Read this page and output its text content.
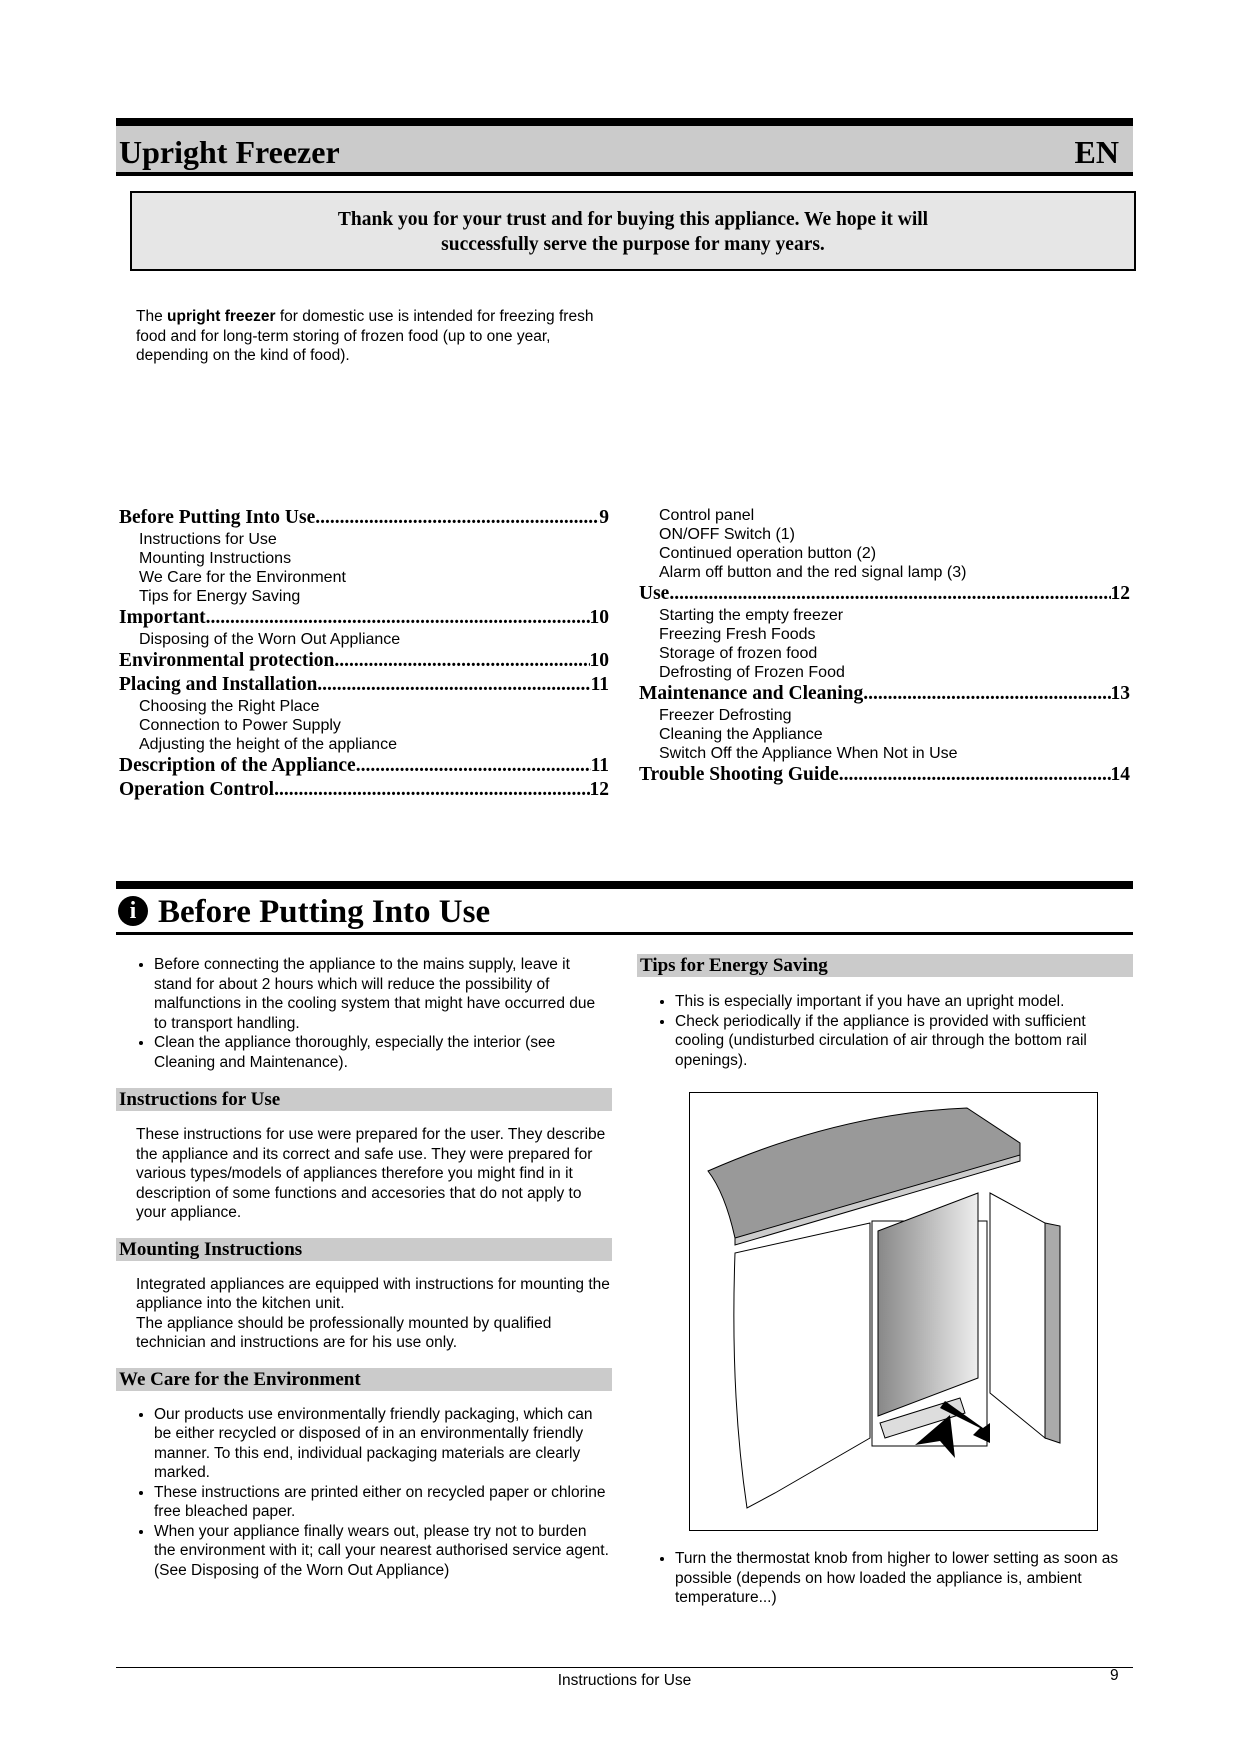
Upright Freezer	EN
Thank you for your trust and for buying this appliance. We hope it will
successfully serve the purpose for many years.
The upright freezer for domestic use is intended for freezing fresh food and for long-term storing of frozen food (up to one year, depending on the kind of food).
Before Putting Into Use .....	9
Instructions for Use
Mounting Instructions
We Care for the Environment
Tips for Energy Saving
Important .....	10
Disposing of the Worn Out Appliance
Environmental protection .....	10
Placing and Installation .....	11
Choosing the Right Place
Connection to Power Supply
Adjusting the height of the appliance
Description of the Appliance .....	11
Operation Control .....	12
Control panel
ON/OFF Switch (1)
Continued operation button (2)
Alarm off button and the red signal lamp (3)
Use .....	12
Starting the empty freezer
Freezing Fresh Foods
Storage of frozen food
Defrosting of Frozen Food
Maintenance and Cleaning .....	13
Freezer Defrosting
Cleaning the Appliance
Switch Off the Appliance When Not in Use
Trouble Shooting Guide .....	14
i Before Putting Into Use
• Before connecting the appliance to the mains supply, leave it stand for about 2 hours which will reduce the possibility of malfunctions in the cooling system that might have occurred due to transport handling.
• Clean the appliance thoroughly, especially the interior (see Cleaning and Maintenance).
Instructions for Use
These instructions for use were prepared for the user. They describe the appliance and its correct and safe use. They were prepared for various types/models of appliances therefore you might find in it description of some functions and accesories that do not apply to your appliance.
Mounting Instructions
Integrated appliances are equipped with instructions for mounting the appliance into the kitchen unit.
The appliance should be professionally mounted by qualified technician and instructions are for his use only.
We Care for the Environment
• Our products use environmentally friendly packaging, which can be either recycled or disposed of in an environmentally friendly manner. To this end, individual packaging materials are clearly marked.
• These instructions are printed either on recycled paper or chlorine free bleached paper.
• When your appliance finally wears out, please try not to burden the environment with it; call your nearest authorised service agent. (See Disposing of the Worn Out Appliance)
Tips for Energy Saving
• This is especially important if you have an upright model.
• Check periodically if the appliance is provided with sufficient cooling (undisturbed circulation of air through the bottom rail openings).
• Turn the thermostat knob from higher to lower setting as soon as possible (depends on how loaded the appliance is, ambient temperature...)
Instructions for Use	9
